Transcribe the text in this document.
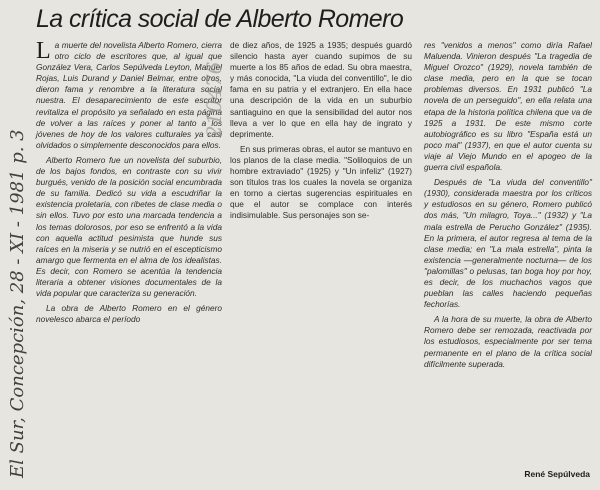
La crítica social de Alberto Romero

La muerte del novelista Alberto Romero, cierra otro ciclo de escritores que, al igual que González Vera, Carlos Sepúlveda Leyton, Manuel Rojas, Luis Durand y Daniel Belmar, entre otros, dieron fama y renombre a la literatura social nuestra. El desaparecimiento de este escritor revitaliza el propósito ya señalado en esta página de volver a las raíces y poner al tanto a los jóvenes de hoy de los valores culturales ya casi olvidados o simplemente desconocidos para ellos.

Alberto Romero fue un novelista del suburbio, de los bajos fondos, en contraste con su vivir burgués, venido de la posición social encumbrada de su familia. Dedicó su vida a escudriñar la existencia proletaria, con ribetes de clase media o sin ellos. Tuvo por esto una marcada tendencia a los temas dolorosos, por eso se enfrentó a la vida con aquella actitud pesimista que hunde sus raíces en la miseria y se nutrió en el escepticismo amargo que fermenta en el alma de los idealistas. Es decir, con Romero se acentúa la tendencia literaria a obtener visiones documentales de la vida popular que caracteriza su generación.

La obra de Alberto Romero en el género novelesco abarca el período

de diez años, de 1925 a 1935; después guardó silencio hasta ayer cuando supimos de su muerte a los 85 años de edad. Su obra maestra, y más conocida, "La viuda del conventillo", le dio fama en su patria y el extranjero. En ella hace una descripción de la vida en un suburbio santiaguino en que la sensibilidad del autor nos lleva a ver lo que en ella hay de ingrato y deprimente.

En sus primeras obras, el autor se mantuvo en los planos de la clase media. "Soliloquios de un hombre extraviado" (1925) y "Un infeliz" (1927) son títulos tras los cuales la novela se organiza en torno a ciertas sugerencias espirituales en que el autor se complace con interés indisimulable. Sus personajes son se-

res "venidos a menos" como diría Rafael Maluenda. Vinieron después "La tragedia de Miguel Orozco" (1929), novela también de clase media, pero en la que se tocan problemas diversos. En 1931 publicó "La novela de un perseguido", en ella relata una etapa de la historia política chilena que va de 1925 a 1931. De este mismo corte autobiográfico es su libro "España está un poco mal" (1937), en que el autor cuenta su viaje al Viejo Mundo en el apogeo de la guerra civil española.

Después de "La viuda del conventillo" (1930), considerada maestra por los críticos y estudiosos en su género, Romero publicó dos más, "Un milagro, Toya..." (1932) y "La mala estrella de Perucho González" (1935). En la primera, el autor regresa al tema de la clase media; en "La mala estrella", pinta la existencia —generalmente nocturna— de los "palomillas" o pelusas, tan boga hoy por hoy, es decir, de los muchachos vagos que pueblan las calles haciendo pequeñas fechorías.

A la hora de su muerte, la obra de Alberto Romero debe ser remozada, reactivada por los estudiosos, especialmente por ser tema permanente en el plano de la crítica social difícilmente superada.

René Sepúlveda
El Sur, Concepción, 28 - XI - 1981 p. 3
210476
